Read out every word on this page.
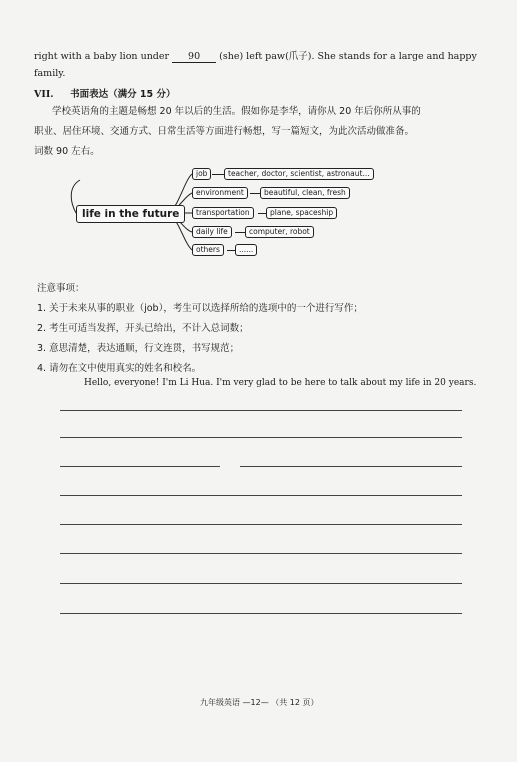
right with a baby lion under 90 (she) left paw(爪子). She stands for a large and happy
family.
VII. 书面表达（满分 15 分）
学校英语角的主题是畅想 20 年以后的生活。假如你是李华，请你从 20 年后你所从事的
职业、居住环境、交通方式、日常生活等方面进行畅想，写一篇短文，为此次活动做准备。
词数 90 左右。
life in the future
job	teacher, doctor, scientist, astronaut...
environment	beautiful, clean, fresh
transportation	plane, spaceship
daily life	computer, robot
others	......
注意事项：
1. 关于未来从事的职业（job），考生可以选择所给的选项中的一个进行写作；
2. 考生可适当发挥，开头已给出，不计入总词数；
3. 意思清楚，表达通顺，行文连贯，书写规范；
4. 请勿在文中使用真实的姓名和校名。
Hello, everyone! I'm Li Hua. I'm very glad to be here to talk about my life in 20 years.
九年级英语 —12— （共 12 页）
